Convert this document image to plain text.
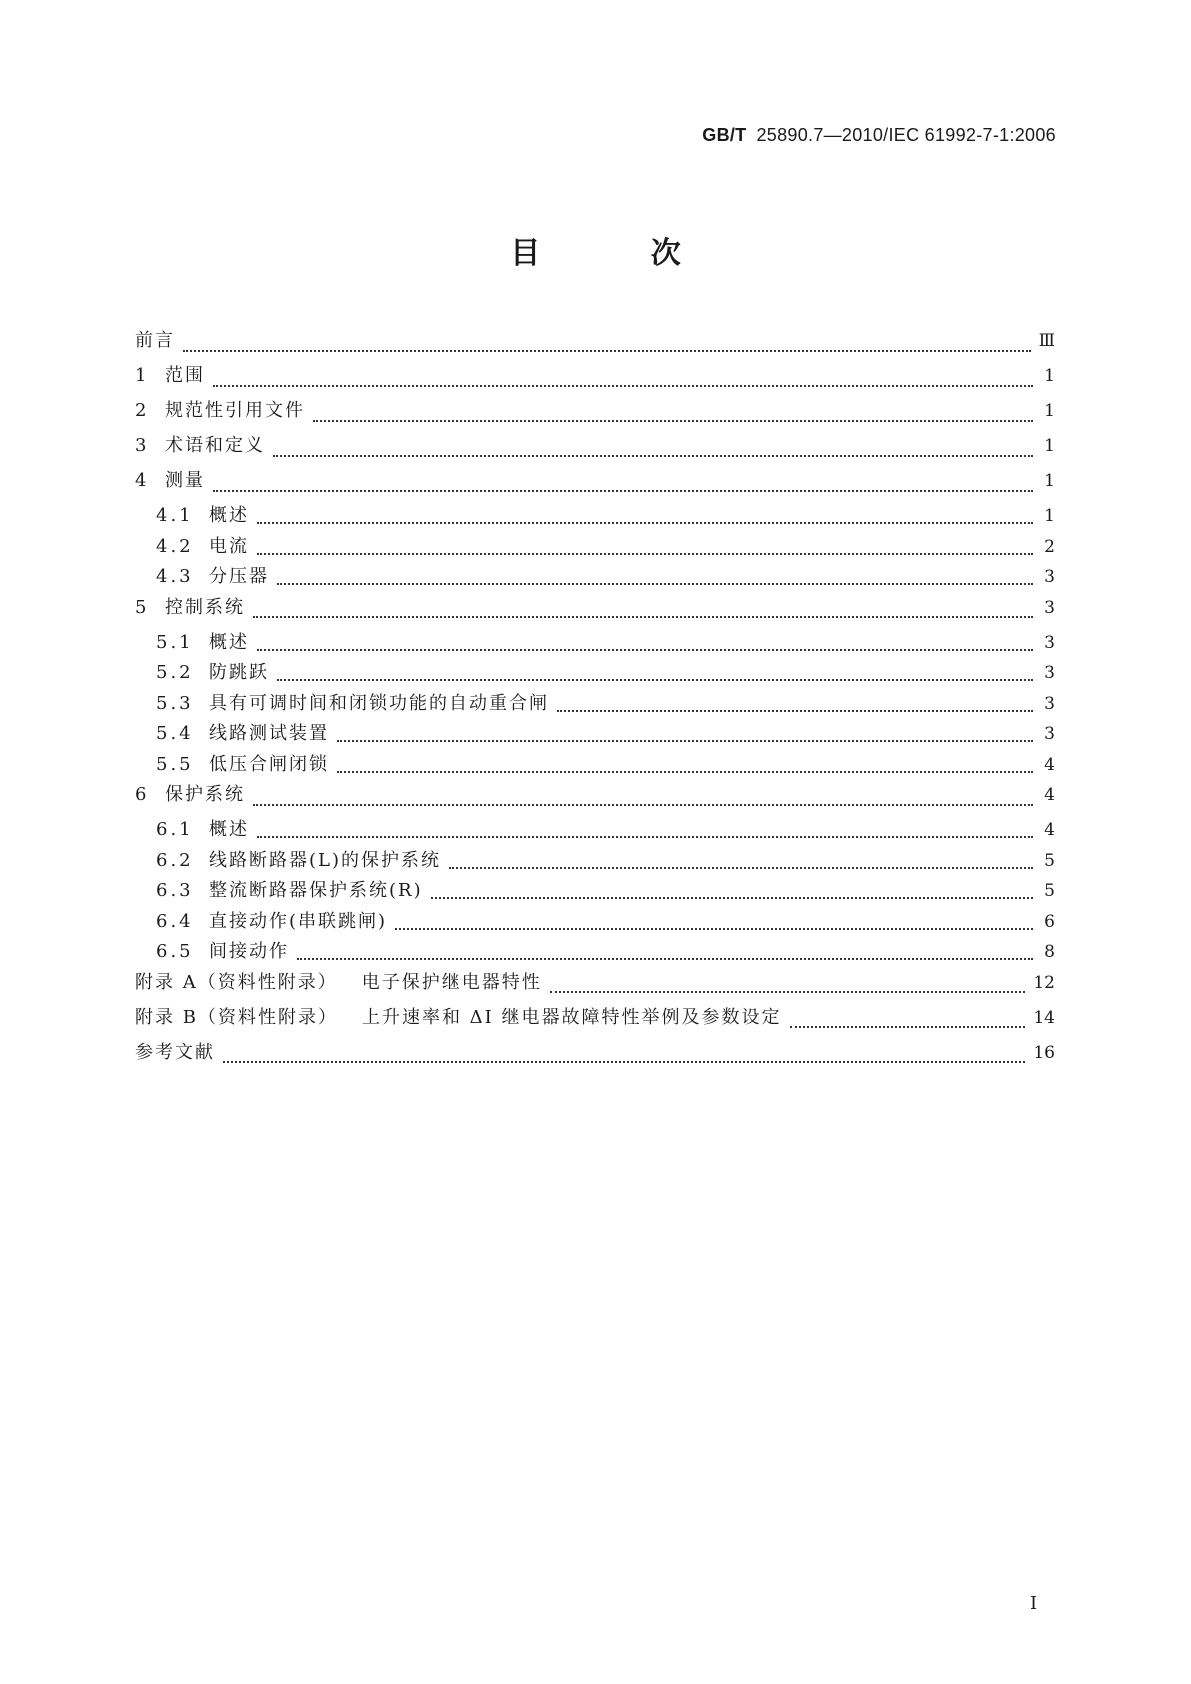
GB/T 25890.7—2010/IEC 61992-7-1:2006
目 次
前言	Ⅲ
1	范围	1
2	规范性引用文件	1
3	术语和定义	1
4	测量	1
4.1 概述	1
4.2 电流	2
4.3 分压器	3
5	控制系统	3
5.1 概述	3
5.2 防跳跃	3
5.3 具有可调时间和闭锁功能的自动重合闸	3
5.4 线路测试装置	3
5.5 低压合闸闭锁	4
6	保护系统	4
6.1 概述	4
6.2 线路断路器(L)的保护系统	5
6.3 整流断路器保护系统(R)	5
6.4 直接动作(串联跳闸)	6
6.5 间接动作	8
附录 A（资料性附录） 电子保护继电器特性	12
附录 B（资料性附录） 上升速率和 ΔI 继电器故障特性举例及参数设定	14
参考文献	16
I
